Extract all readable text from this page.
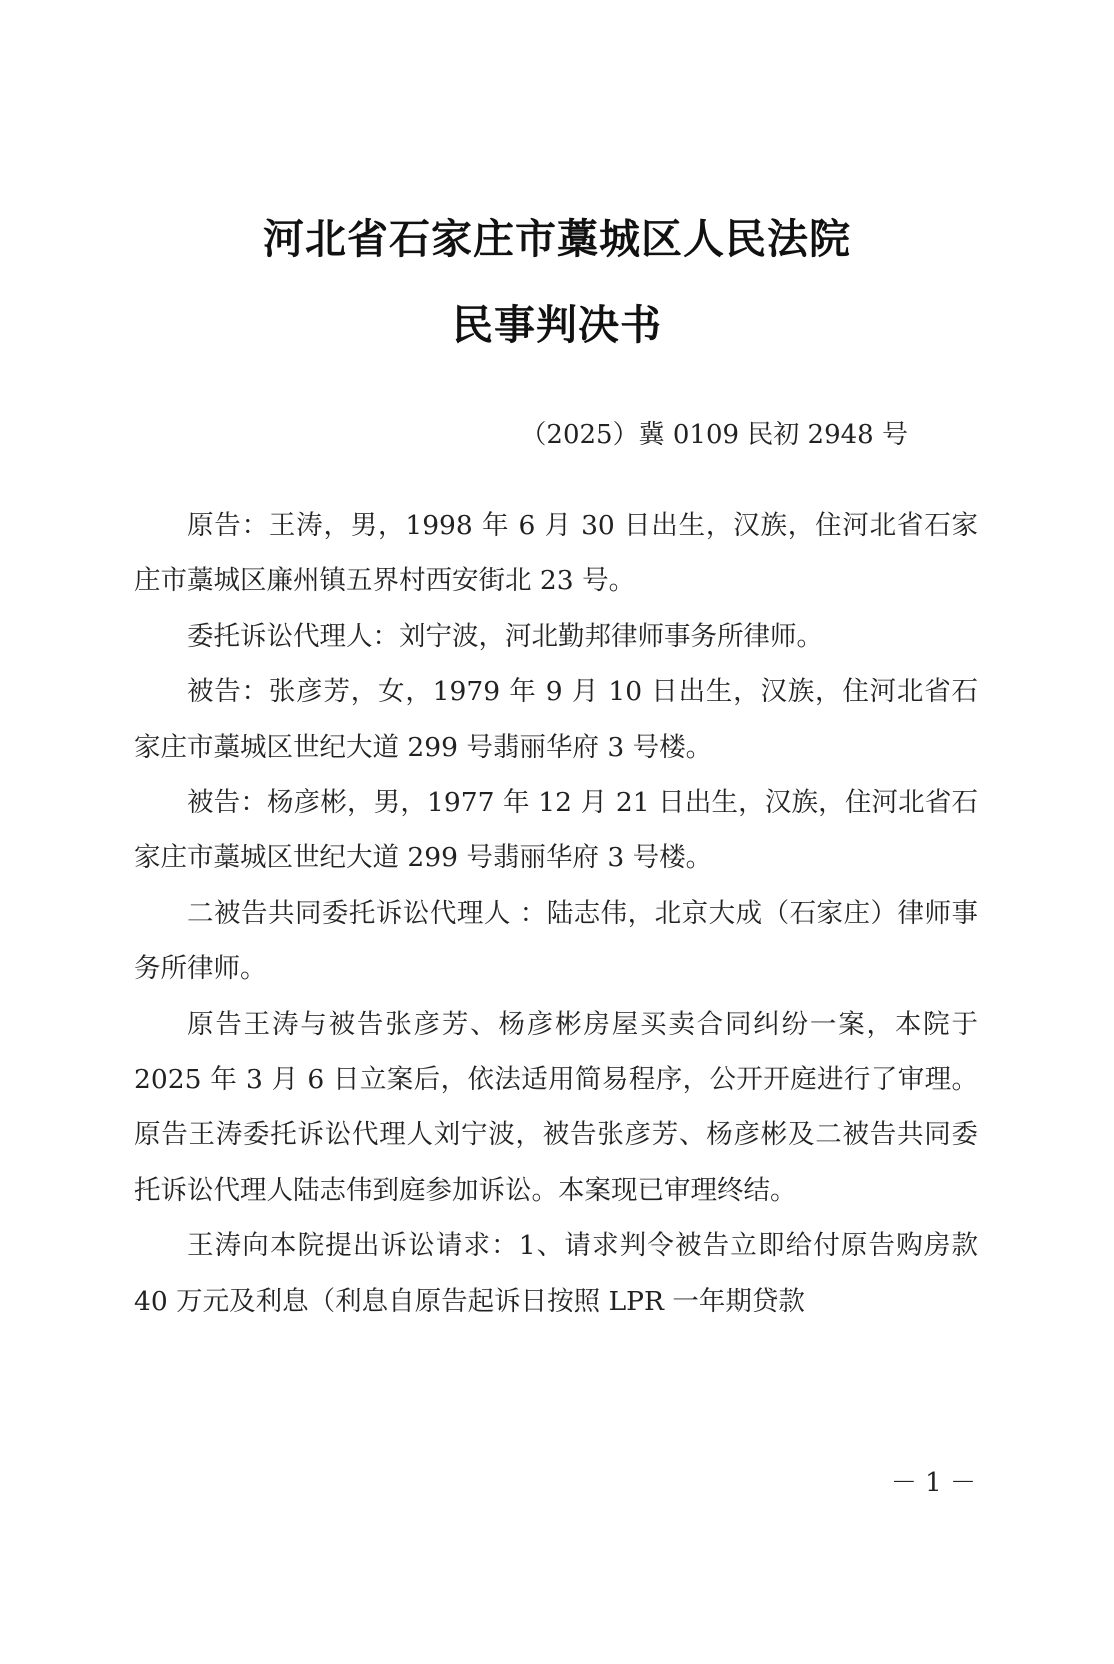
河北省石家庄市藁城区人民法院
民事判决书
（2025）冀 0109 民初 2948 号

原告：王涛，男，1998 年 6 月 30 日出生，汉族，住河北省石家庄市藁城区廉州镇五界村西安街北 23 号。

委托诉讼代理人：刘宁波，河北勤邦律师事务所律师。

被告：张彦芳，女，1979 年 9 月 10 日出生，汉族，住河北省石家庄市藁城区世纪大道 299 号翡丽华府 3 号楼。

被告：杨彦彬，男，1977 年 12 月 21 日出生，汉族，住河北省石家庄市藁城区世纪大道 299 号翡丽华府 3 号楼。

二被告共同委托诉讼代理人 ：陆志伟，北京大成（石家庄）律师事务所律师。

原告王涛与被告张彦芳、杨彦彬房屋买卖合同纠纷一案，本院于 2025 年 3 月 6 日立案后，依法适用简易程序，公开开庭进行了审理。原告王涛委托诉讼代理人刘宁波，被告张彦芳、杨彦彬及二被告共同委托诉讼代理人陆志伟到庭参加诉讼。本案现已审理终结。

王涛向本院提出诉讼请求：1、请求判令被告立即给付原告购房款 40 万元及利息（利息自原告起诉日按照 LPR 一年期贷款

－ 1 －
